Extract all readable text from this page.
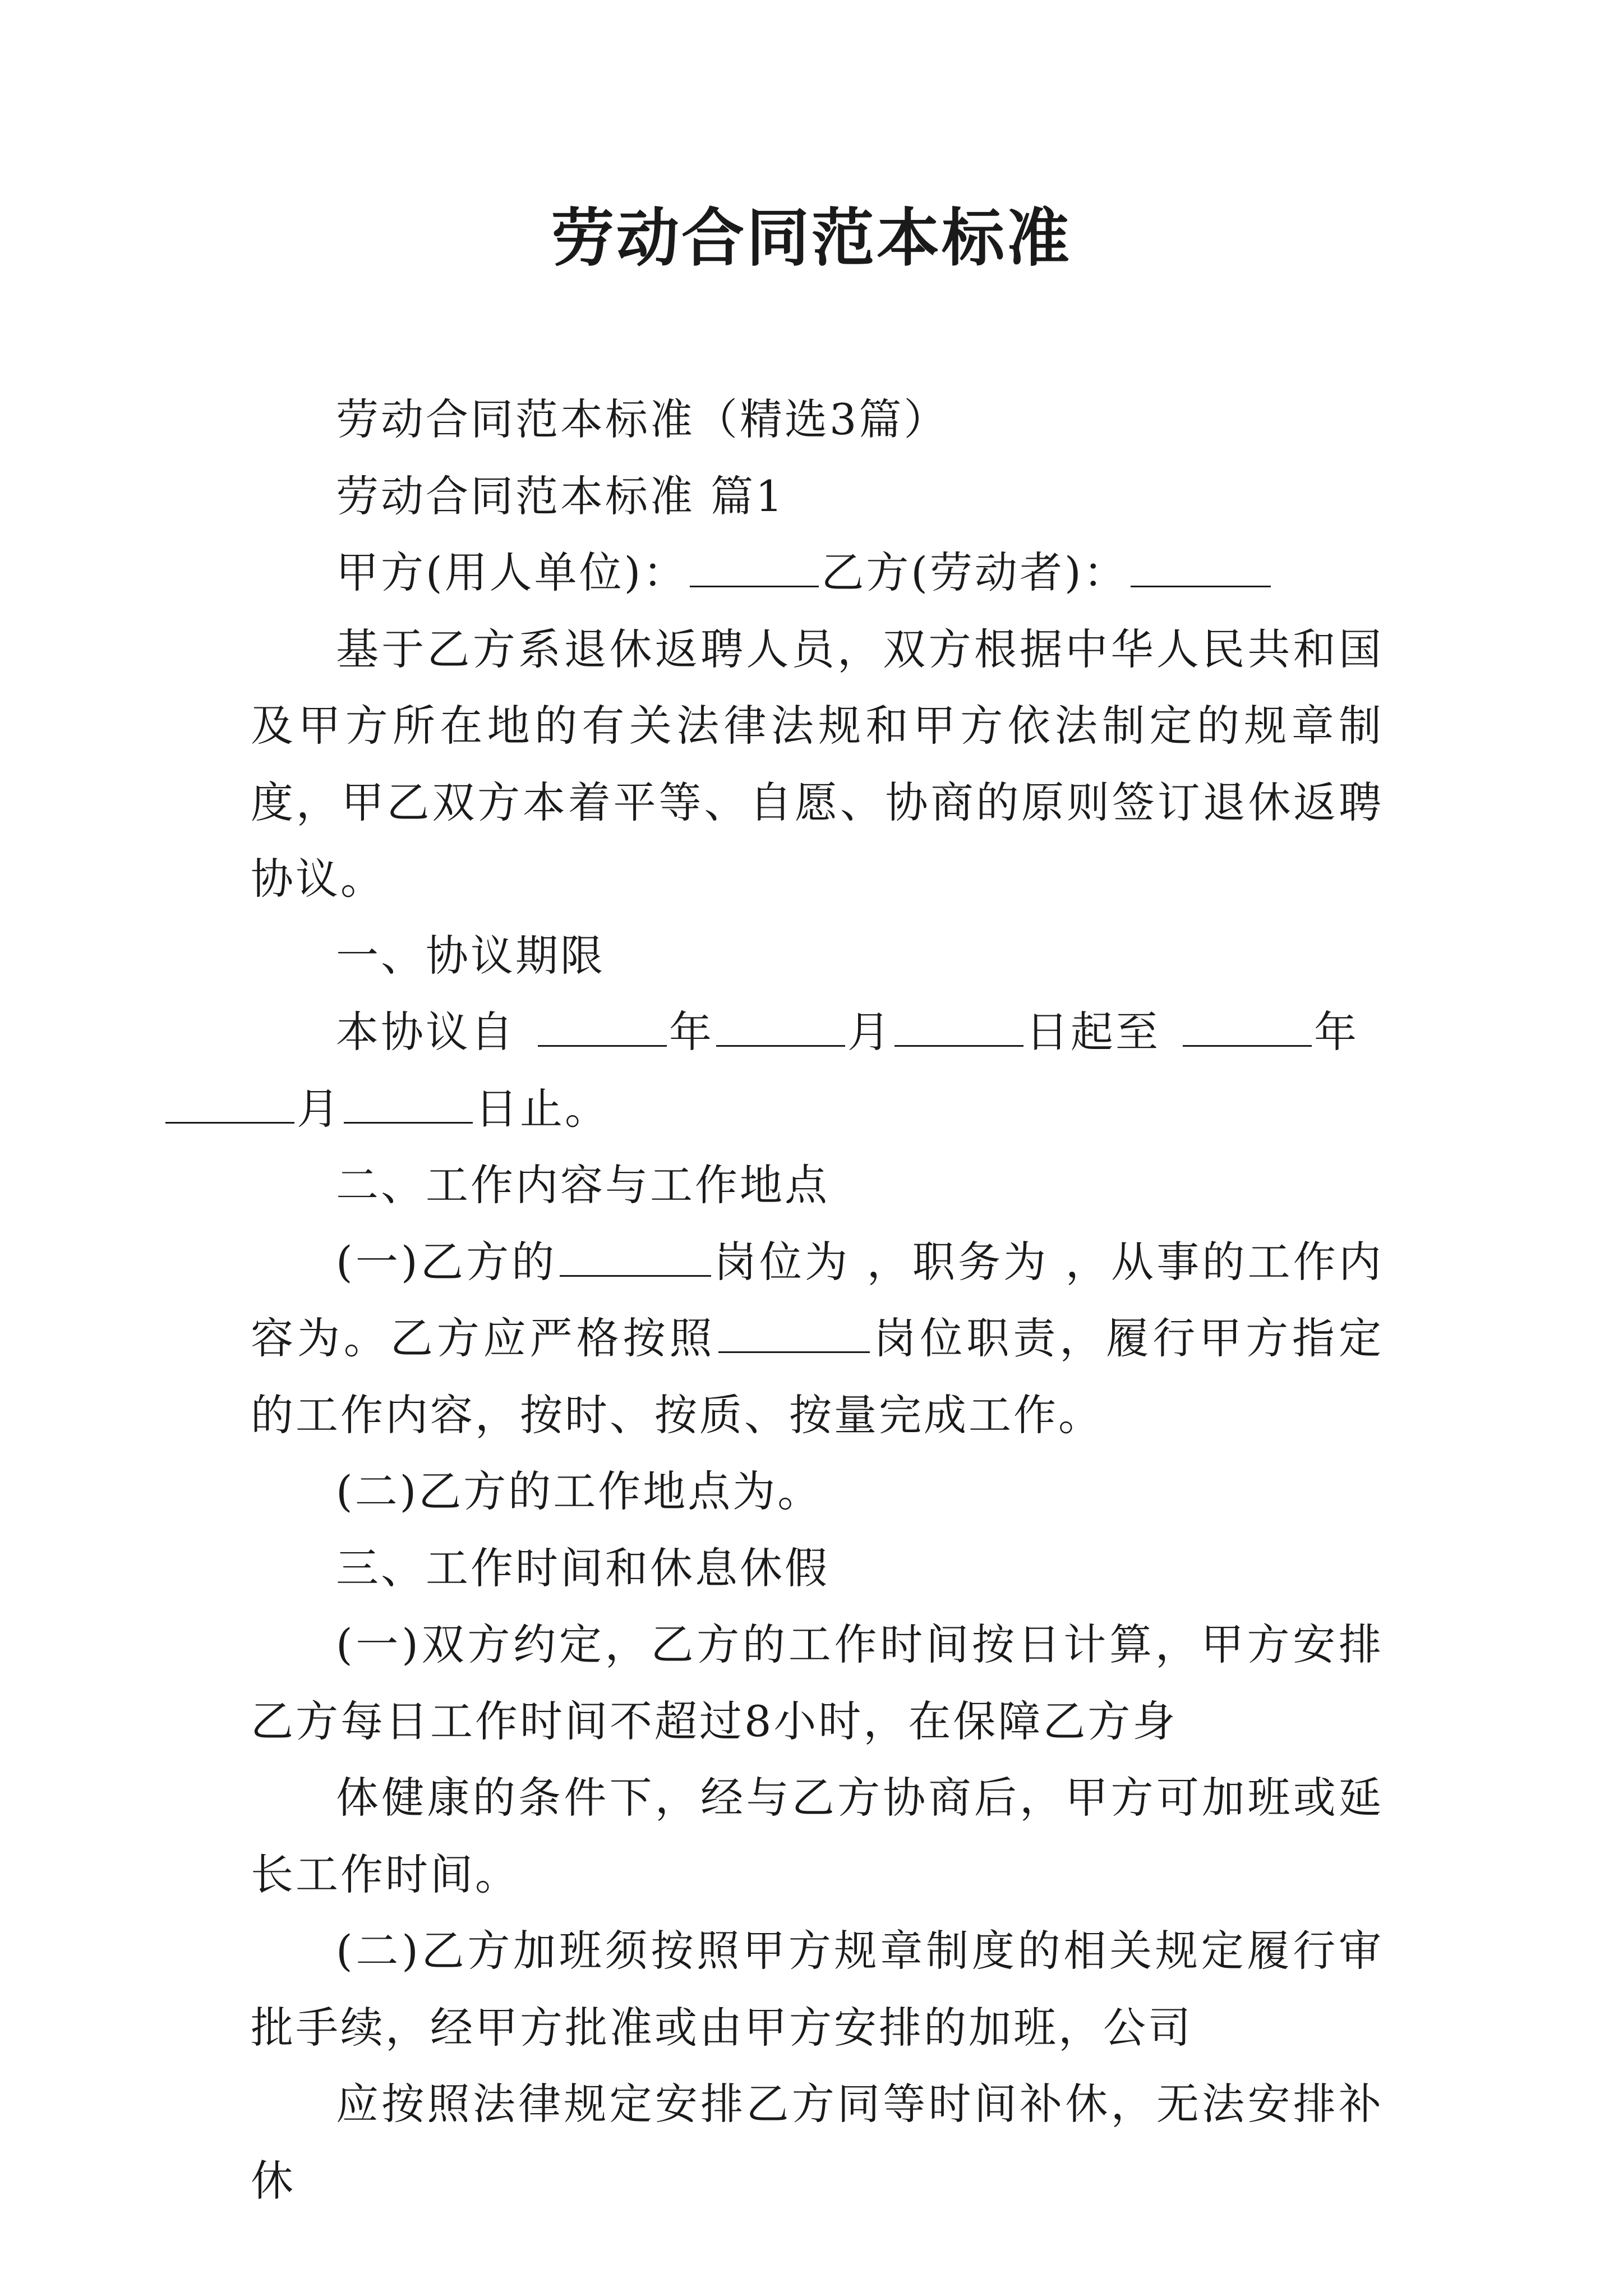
劳动合同范本标准

劳动合同范本标准（精选3篇）

劳动合同范本标准 篇1

甲方(用人单位)：	乙方(劳动者)：

基于乙方系退休返聘人员，双方根据中华人民共和国及甲方所在地的有关法律法规和甲方依法制定的规章制度，甲乙双方本着平等、自愿、协商的原则签订退休返聘协议。

一、协议期限

本协议自	年	月	日起至	年
月	日止。

二、工作内容与工作地点

(一)乙方的	岗位为 ，职务为 ，从事的工作内容为。乙方应严格按照	岗位职责，履行甲方指定的工作内容，按时、按质、按量完成工作。

(二)乙方的工作地点为。

三、工作时间和休息休假

(一)双方约定，乙方的工作时间按日计算，甲方安排乙方每日工作时间不超过8小时，在保障乙方身

体健康的条件下，经与乙方协商后，甲方可加班或延长工作时间。

(二)乙方加班须按照甲方规章制度的相关规定履行审批手续，经甲方批准或由甲方安排的加班，公司

应按照法律规定安排乙方同等时间补休，无法安排补休
